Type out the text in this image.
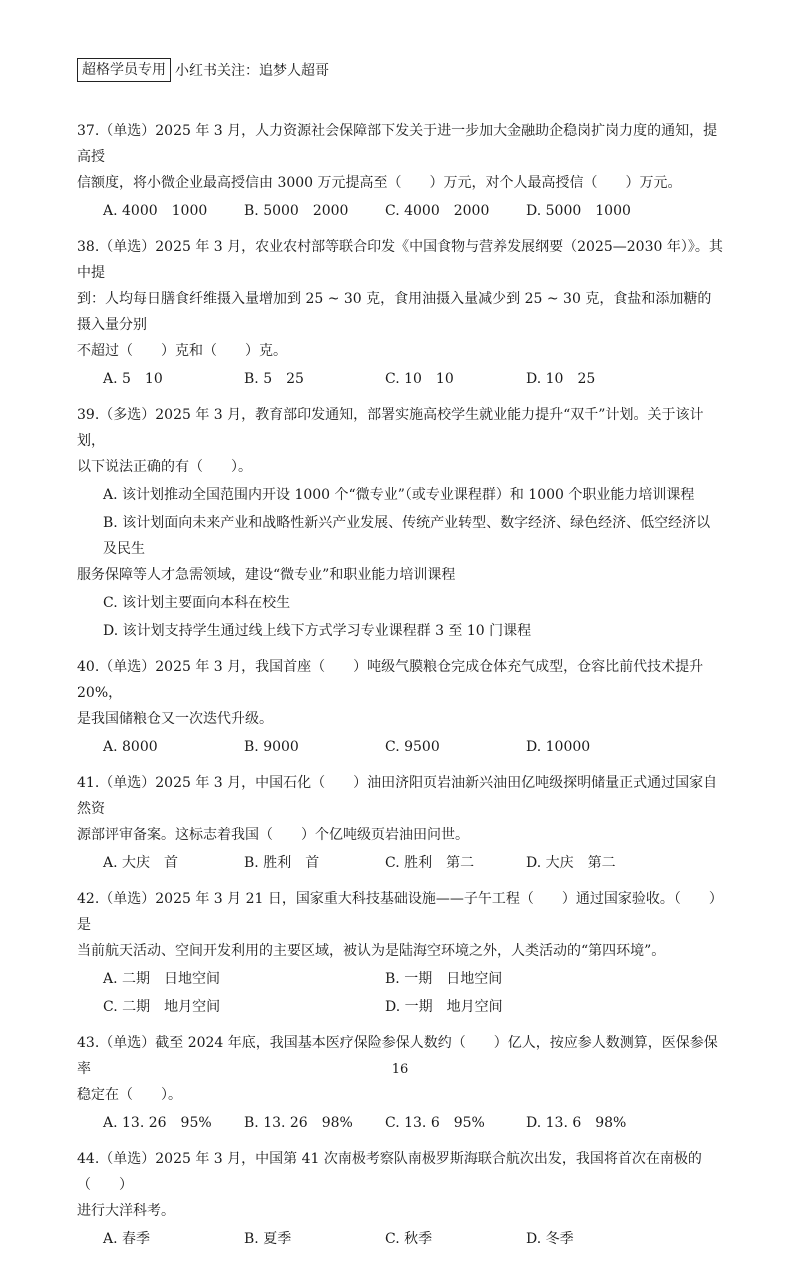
超格学员专用 小红书关注：追梦人超哥
37.（单选）2025 年 3 月，人力资源社会保障部下发关于进一步加大金融助企稳岗扩岗力度的通知，提高授
信额度，将小微企业最高授信由 3000 万元提高至（　　）万元，对个人最高授信（　　）万元。
A. 4000　1000	B. 5000　2000	C. 4000　2000	D. 5000　1000
38.（单选）2025 年 3 月，农业农村部等联合印发《中国食物与营养发展纲要（2025—2030 年）》。其中提
到：人均每日膳食纤维摄入量增加到 25 ~ 30 克，食用油摄入量减少到 25 ~ 30 克，食盐和添加糖的摄入量分别
不超过（　　）克和（　　）克。
A. 5　10	B. 5　25	C. 10　10	D. 10　25
39.（多选）2025 年 3 月，教育部印发通知，部署实施高校学生就业能力提升“双千”计划。关于该计划，
以下说法正确的有（　　）。
A. 该计划推动全国范围内开设 1000 个“微专业”（或专业课程群）和 1000 个职业能力培训课程
B. 该计划面向未来产业和战略性新兴产业发展、传统产业转型、数字经济、绿色经济、低空经济以及民生
服务保障等人才急需领域，建设“微专业”和职业能力培训课程
C. 该计划主要面向本科在校生
D. 该计划支持学生通过线上线下方式学习专业课程群 3 至 10 门课程
40.（单选）2025 年 3 月，我国首座（　　）吨级气膜粮仓完成仓体充气成型，仓容比前代技术提升 20%，
是我国储粮仓又一次迭代升级。
A. 8000	B. 9000	C. 9500	D. 10000
41.（单选）2025 年 3 月，中国石化（　　）油田济阳页岩油新兴油田亿吨级探明储量正式通过国家自然资
源部评审备案。这标志着我国（　　）个亿吨级页岩油田问世。
A. 大庆　首	B. 胜利　首	C. 胜利　第二	D. 大庆　第二
42.（单选）2025 年 3 月 21 日，国家重大科技基础设施——子午工程（　　）通过国家验收。（　　）是
当前航天活动、空间开发利用的主要区域，被认为是陆海空环境之外，人类活动的“第四环境”。
A. 二期　日地空间	B. 一期　日地空间
C. 二期　地月空间	D. 一期　地月空间
43.（单选）截至 2024 年底，我国基本医疗保险参保人数约（　　）亿人，按应参人数测算，医保参保率
稳定在（　　）。
A. 13. 26　95%	B. 13. 26　98%	C. 13. 6　95%	D. 13. 6　98%
44.（单选）2025 年 3 月，中国第 41 次南极考察队南极罗斯海联合航次出发，我国将首次在南极的（　　）
进行大洋科考。
A. 春季	B. 夏季	C. 秋季	D. 冬季
16
